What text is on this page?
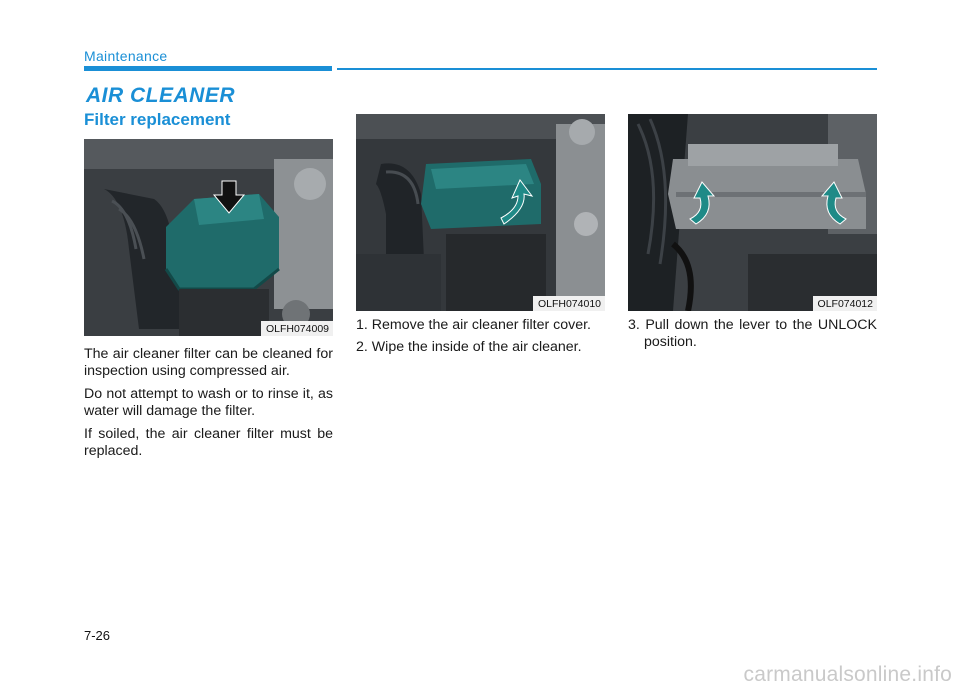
Maintenance
AIR CLEANER
Filter replacement
OLFH074009
OLFH074010	OLF074012

The air cleaner filter can be cleaned for inspection using compressed air.

Do not attempt to wash or to rinse it, as water will damage the filter.

If soiled, the air cleaner filter must be replaced.

1. Remove the air cleaner filter cover.
2. Wipe the inside of the air cleaner.
3. Pull down the lever to the UNLOCK position.
7-26
carmanualsonline.info
